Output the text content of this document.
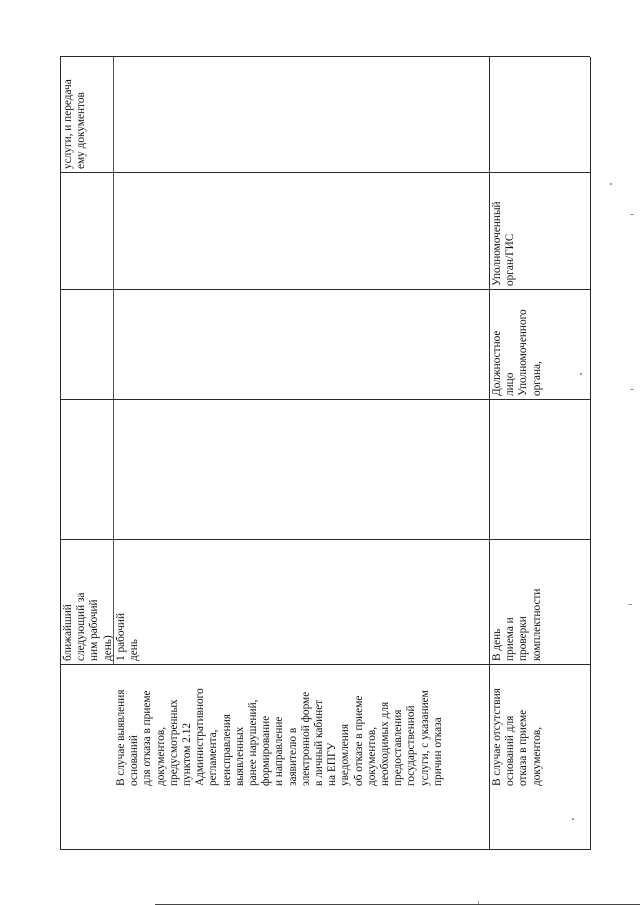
ближайший
следующий за
ним рабочий
день)
услуги, и передача
ему документов
В случае выявления
оснований
для отказа в приеме
документов,
предусмотренных
пунктом 2.12
Административного
регламента,
неисправления
выявленных
ранее нарушений,
формирование
и направление
заявителю в
электронной форме
в личный кабинет
на ЕПГУ
уведомления
об отказе в приеме
документов,
необходимых для
предоставления
государственной
услуги, с указанием
причин отказа
1 рабочий
день
В случае отсутствия
оснований для
отказа в приеме
документов,
В день
приема и
проверки
комплектности
Должностное
лицо
Уполномоченного
органа,
Уполномоченный
орган/ГИС
